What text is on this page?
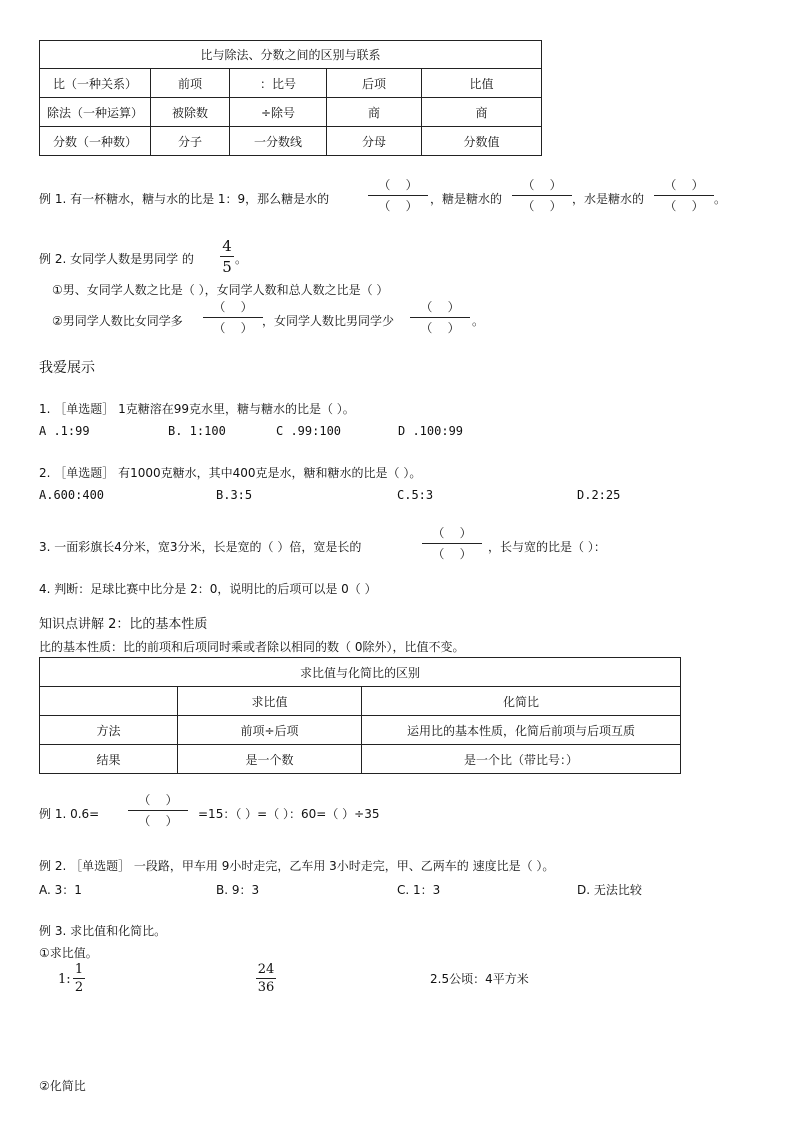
比与除法、分数之间的区别与联系				
比（一种关系）	前项	：比号	后项	比值
除法（一种运算）	被除数	÷除号	商	商
分数（一种数）	分子	一分数线	分母	分数值
例 1. 有一杯糖水，糖与水的比是 1：9，那么糖是水的
（    ）
（    ）	，糖是糖水的
（    ）
（    ） ，水是糖水的
（    ）
（    ） 。
例 2. 女同学人数是男同学 的
4
5 。
①男、女同学人数之比是（ ），女同学人数和总人数之比是（ ）
②男同学人数比女同学多
（    ）
（    ） ，女同学人数比男同学少
（    ）
（    ）	。
我爱展示
1. ［单选题］ 1克糖溶在99克水里，糖与糖水的比是（ ）。
A .1:99	B. 1:100	C .99:100	D .100:99
2. ［单选题］ 有1000克糖水，其中400克是水，糖和糖水的比是（ ）。
A.600:400	B.3:5	C.5:3	D.2:25
3. 一面彩旗长4分米，宽3分米，长是宽的（ ）倍，宽是长的
（    ）
（    ）	，长与宽的比是（ ）：
4. 判断：足球比赛中比分是 2：0，说明比的后项可以是 0（ ）
知识点讲解 2：比的基本性质
比的基本性质：比的前项和后项同时乘或者除以相同的数（ 0除外），比值不变。
求比值与化简比的区别		
	求比值	化简比
方法	前项÷后项	运用比的基本性质，化简后前项与后项互质
结果	是一个数	是一个比（带比号：）
例 1. 0.6=
（    ）
（    ）	=15：（ ）=（ ）：60=（ ）÷35
例 2. ［单选题］ 一段路，甲车用 9小时走完，乙车用 3小时走完，甲、乙两车的 速度比是（ ）。
A. 3：1	B. 9：3	C. 1：3	D. 无法比较
例 3. 求比值和化简比。
①求比值。
1:
1
2
24
36
2.5公顷：4平方米
②化简比
